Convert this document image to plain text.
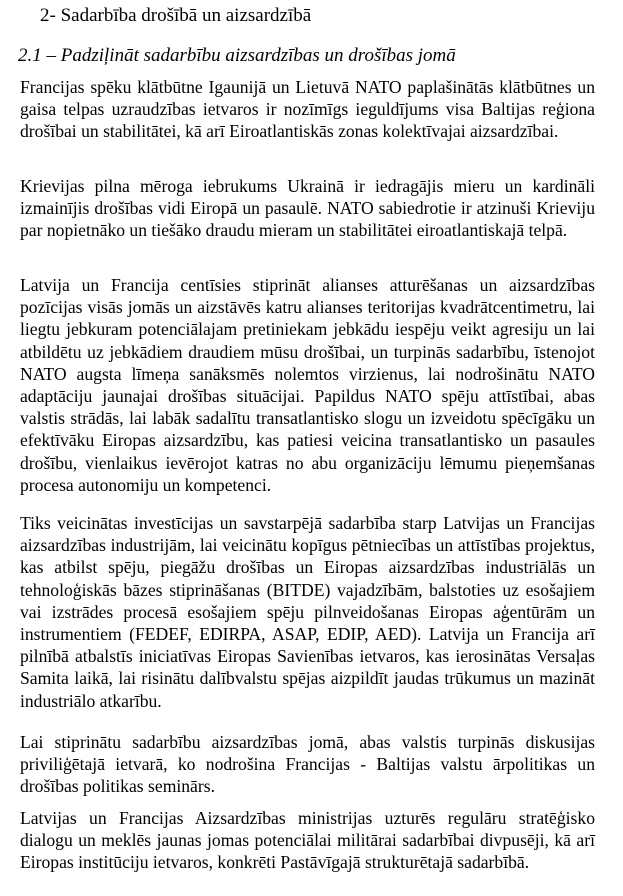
2- Sadarbība drošībā un aizsardzībā
2.1 – Padziļināt sadarbību aizsardzības un drošības jomā

Francijas spēku klātbūtne Igaunijā un Lietuvā NATO paplašinātās klātbūtnes un gaisa telpas uzraudzības ietvaros ir nozīmīgs ieguldījums visa Baltijas reģiona drošībai un stabilitātei, kā arī Eiroatlantiskās zonas kolektīvajai aizsardzībai.

Krievijas pilna mēroga iebrukums Ukrainā ir iedragājis mieru un kardināli izmainījis drošības vidi Eiropā un pasaulē. NATO sabiedrotie ir atzinuši Krieviju par nopietnāko un tiešāko draudu mieram un stabilitātei eiroatlantiskajā telpā.

Latvija un Francija centīsies stiprināt alianses atturēšanas un aizsardzības pozīcijas visās jomās un aizstāvēs katru alianses teritorijas kvadrātcentimetru, lai liegtu jebkuram potenciālajam pretiniekam jebkādu iespēju veikt agresiju un lai atbildētu uz jebkādiem draudiem mūsu drošībai, un turpinās sadarbību, īstenojot NATO augsta līmeņa sanāksmēs nolemtos virzienus, lai nodrošinātu NATO adaptāciju jaunajai drošības situācijai. Papildus NATO spēju attīstībai, abas valstis strādās, lai labāk sadalītu transatlantisko slogu un izveidotu spēcīgāku un efektīvāku Eiropas aizsardzību, kas patiesi veicina transatlantisko un pasaules drošību, vienlaikus ievērojot katras no abu organizāciju lēmumu pieņemšanas procesa autonomiju un kompetenci.

Tiks veicinātas investīcijas un savstarpējā sadarbība starp Latvijas un Francijas aizsardzības industrijām, lai veicinātu kopīgus pētniecības un attīstības projektus, kas atbilst spēju, piegāžu drošības un Eiropas aizsardzības industriālās un tehnoloģiskās bāzes stiprināšanas (BITDE) vajadzībām, balstoties uz esošajiem vai izstrādes procesā esošajiem spēju pilnveidošanas Eiropas aģentūrām un instrumentiem (FEDEF, EDIRPA, ASAP, EDIP, AED). Latvija un Francija arī pilnībā atbalstīs iniciatīvas Eiropas Savienības ietvaros, kas ierosinātas Versaļas Samita laikā, lai risinātu dalībvalstu spējas aizpildīt jaudas trūkumus un mazināt industriālo atkarību.

Lai stiprinātu sadarbību aizsardzības jomā, abas valstis turpinās diskusijas priviliģētajā ietvarā, ko nodrošina Francijas - Baltijas valstu ārpolitikas un drošības politikas seminārs.

Latvijas un Francijas Aizsardzības ministrijas uzturēs regulāru stratēģisko dialogu un meklēs jaunas jomas potenciālai militārai sadarbībai divpusēji, kā arī Eiropas institūciju ietvaros, konkrēti Pastāvīgajā strukturētajā sadarbībā.
